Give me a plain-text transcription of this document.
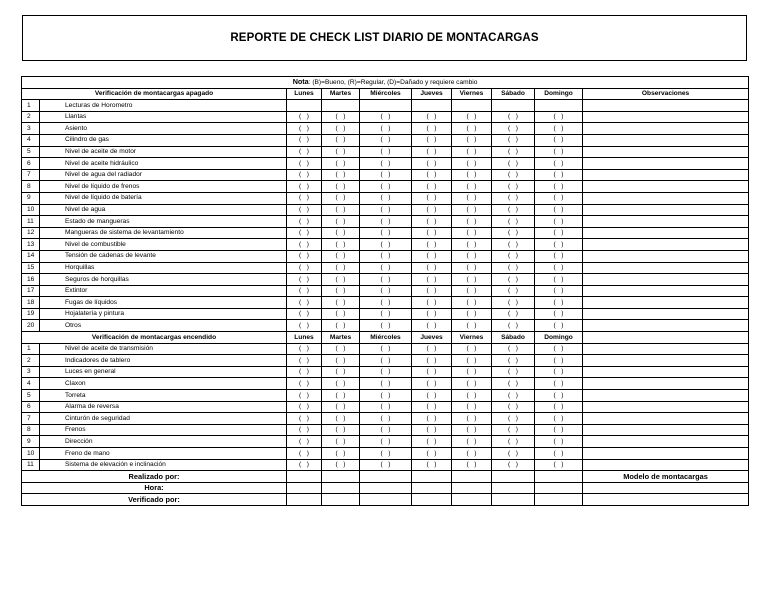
REPORTE DE CHECK LIST DIARIO DE MONTACARGAS
Nota: (B)=Bueno, (R)=Regular, (D)=Dañado y requiere cambio									
Verificación de montacargas apagado		Lunes	Martes	Miércoles	Jueves	Viernes	Sábado	Domingo	Observaciones
1	Lecturas de Horometro								
2	Llantas	(   )	(   )	(   )	(   )	(   )	(   )	(   )	
3	Asiento	(   )	(   )	(   )	(   )	(   )	(   )	(   )	
4	Cilindro de gas	(   )	(   )	(   )	(   )	(   )	(   )	(   )	
5	Nivel de aceite de motor	(   )	(   )	(   )	(   )	(   )	(   )	(   )	
6	Nivel de aceite hidráulico	(   )	(   )	(   )	(   )	(   )	(   )	(   )	
7	Nivel de agua del radiador	(   )	(   )	(   )	(   )	(   )	(   )	(   )	
8	Nivel de líquido de frenos	(   )	(   )	(   )	(   )	(   )	(   )	(   )	
9	Nivel de líquido de batería	(   )	(   )	(   )	(   )	(   )	(   )	(   )	
10	Nivel de agua	(   )	(   )	(   )	(   )	(   )	(   )	(   )	
11	Estado de mangueras	(   )	(   )	(   )	(   )	(   )	(   )	(   )	
12	Mangueras de sistema de levantamiento	(   )	(   )	(   )	(   )	(   )	(   )	(   )	
13	Nivel de combustible	(   )	(   )	(   )	(   )	(   )	(   )	(   )	
14	Tensión de cadenas de levante	(   )	(   )	(   )	(   )	(   )	(   )	(   )	
15	Horquillas	(   )	(   )	(   )	(   )	(   )	(   )	(   )	
16	Seguros de horquillas	(   )	(   )	(   )	(   )	(   )	(   )	(   )	
17	Extintor	(   )	(   )	(   )	(   )	(   )	(   )	(   )	
18	Fugas de líquidos	(   )	(   )	(   )	(   )	(   )	(   )	(   )	
19	Hojalatería y pintura	(   )	(   )	(   )	(   )	(   )	(   )	(   )	
20	Otros	(   )	(   )	(   )	(   )	(   )	(   )	(   )	
Verificación de montacargas encendido		Lunes	Martes	Miércoles	Jueves	Viernes	Sábado	Domingo	
1	Nivel de aceite de transmisión	(   )	(   )	(   )	(   )	(   )	(   )	(   )	
2	Indicadores de tablero	(   )	(   )	(   )	(   )	(   )	(   )	(   )	
3	Luces en general	(   )	(   )	(   )	(   )	(   )	(   )	(   )	
4	Claxon	(   )	(   )	(   )	(   )	(   )	(   )	(   )	
5	Torreta	(   )	(   )	(   )	(   )	(   )	(   )	(   )	
6	Alarma de reversa	(   )	(   )	(   )	(   )	(   )	(   )	(   )	
7	Cinturón de seguridad	(   )	(   )	(   )	(   )	(   )	(   )	(   )	
8	Frenos	(   )	(   )	(   )	(   )	(   )	(   )	(   )	
9	Dirección	(   )	(   )	(   )	(   )	(   )	(   )	(   )	
10	Freno de mano	(   )	(   )	(   )	(   )	(   )	(   )	(   )	
11	Sistema de elevación e inclinación	(   )	(   )	(   )	(   )	(   )	(   )	(   )	
Realizado por:									Modelo de montacargas
Hora:									
Verificado por:									
